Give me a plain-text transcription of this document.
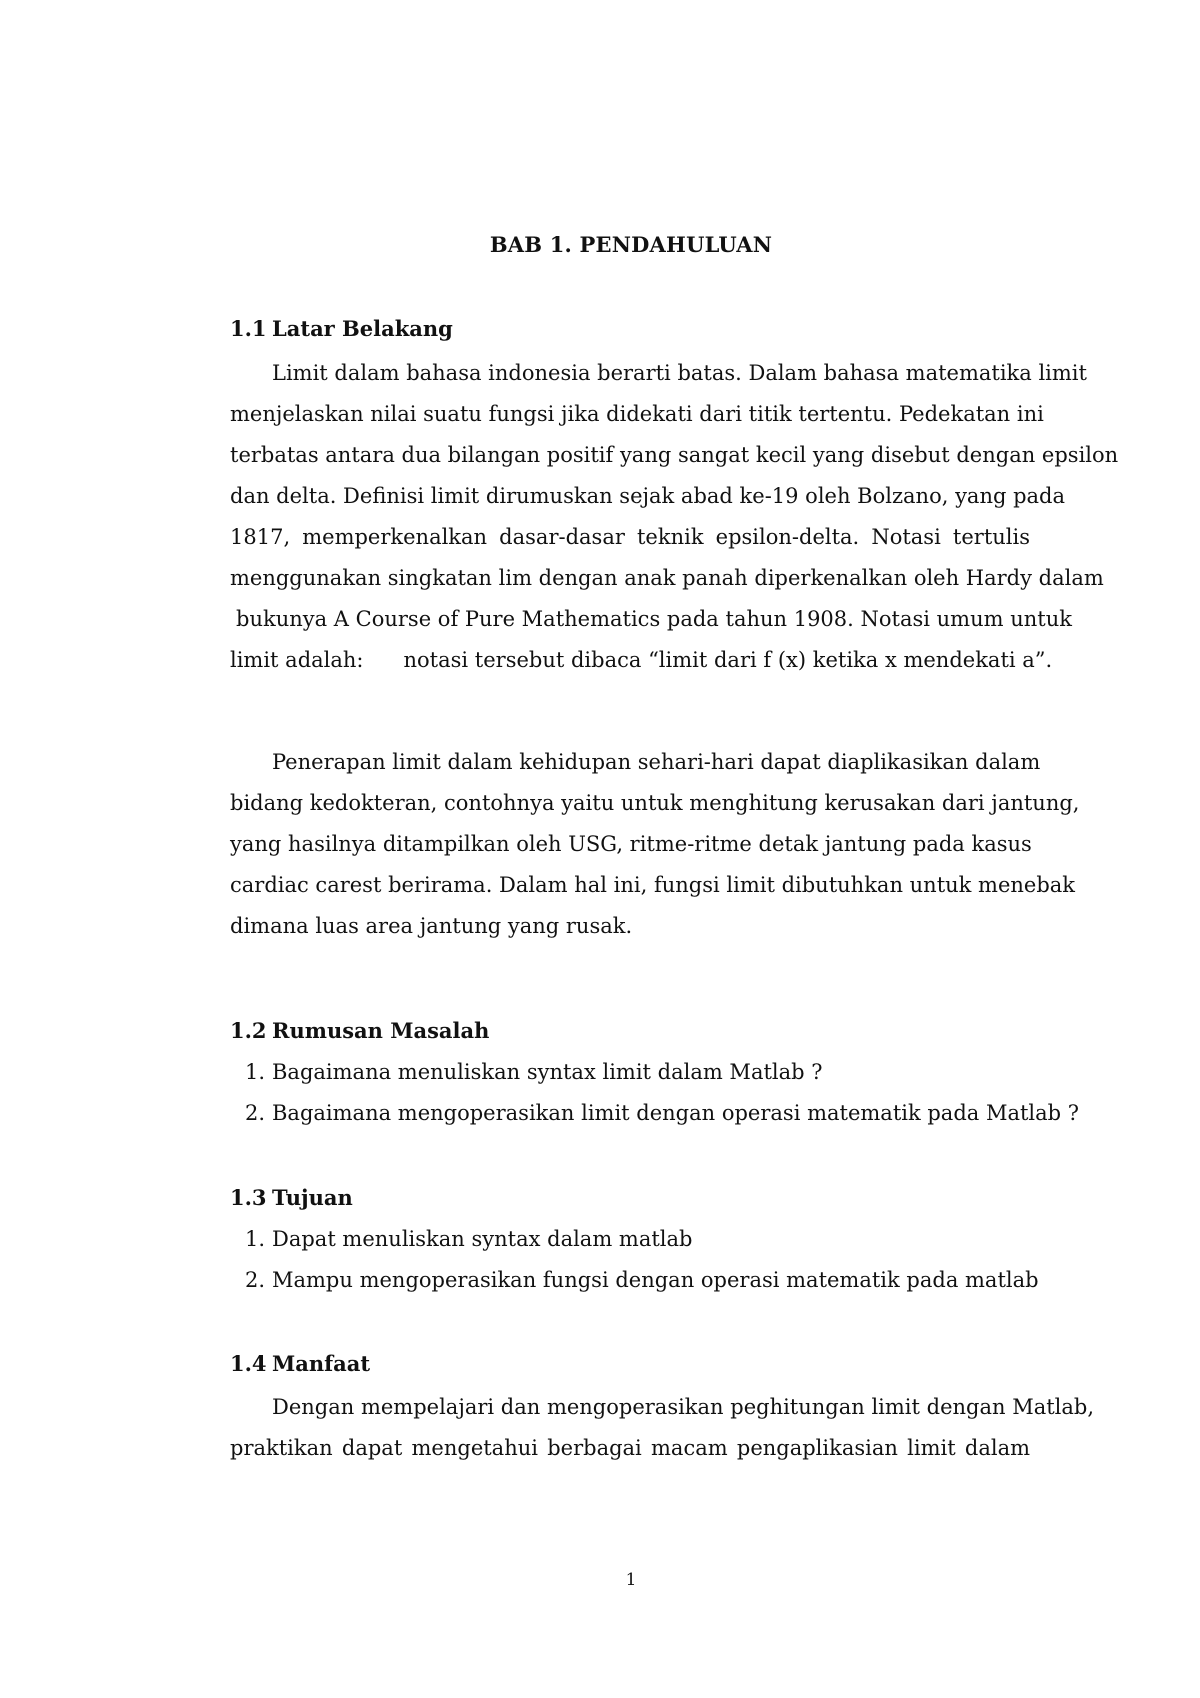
BAB 1. PENDAHULUAN
1.1 Latar Belakang
Limit dalam bahasa indonesia berarti batas. Dalam bahasa matematika limit
menjelaskan nilai suatu fungsi jika didekati dari titik tertentu. Pedekatan ini
terbatas antara dua bilangan positif yang sangat kecil yang disebut dengan epsilon
dan delta. Definisi limit dirumuskan sejak abad ke-19 oleh Bolzano, yang pada
1817, memperkenalkan dasar-dasar teknik epsilon-delta. Notasi tertulis
menggunakan singkatan lim dengan anak panah diperkenalkan oleh Hardy dalam
bukunya A Course of Pure Mathematics pada tahun 1908. Notasi umum untuk
limit adalah: notasi tersebut dibaca “limit dari f (x) ketika x mendekati a”.
Penerapan limit dalam kehidupan sehari-hari dapat diaplikasikan dalam
bidang kedokteran, contohnya yaitu untuk menghitung kerusakan dari jantung,
yang hasilnya ditampilkan oleh USG, ritme-ritme detak jantung pada kasus
cardiac carest berirama. Dalam hal ini, fungsi limit dibutuhkan untuk menebak
dimana luas area jantung yang rusak.
1.2 Rumusan Masalah
1. Bagaimana menuliskan syntax limit dalam Matlab ?
2. Bagaimana mengoperasikan limit dengan operasi matematik pada Matlab ?
1.3 Tujuan
1. Dapat menuliskan syntax dalam matlab
2. Mampu mengoperasikan fungsi dengan operasi matematik pada matlab
1.4 Manfaat
Dengan mempelajari dan mengoperasikan peghitungan limit dengan Matlab,
praktikan dapat mengetahui berbagai macam pengaplikasian limit dalam
1
